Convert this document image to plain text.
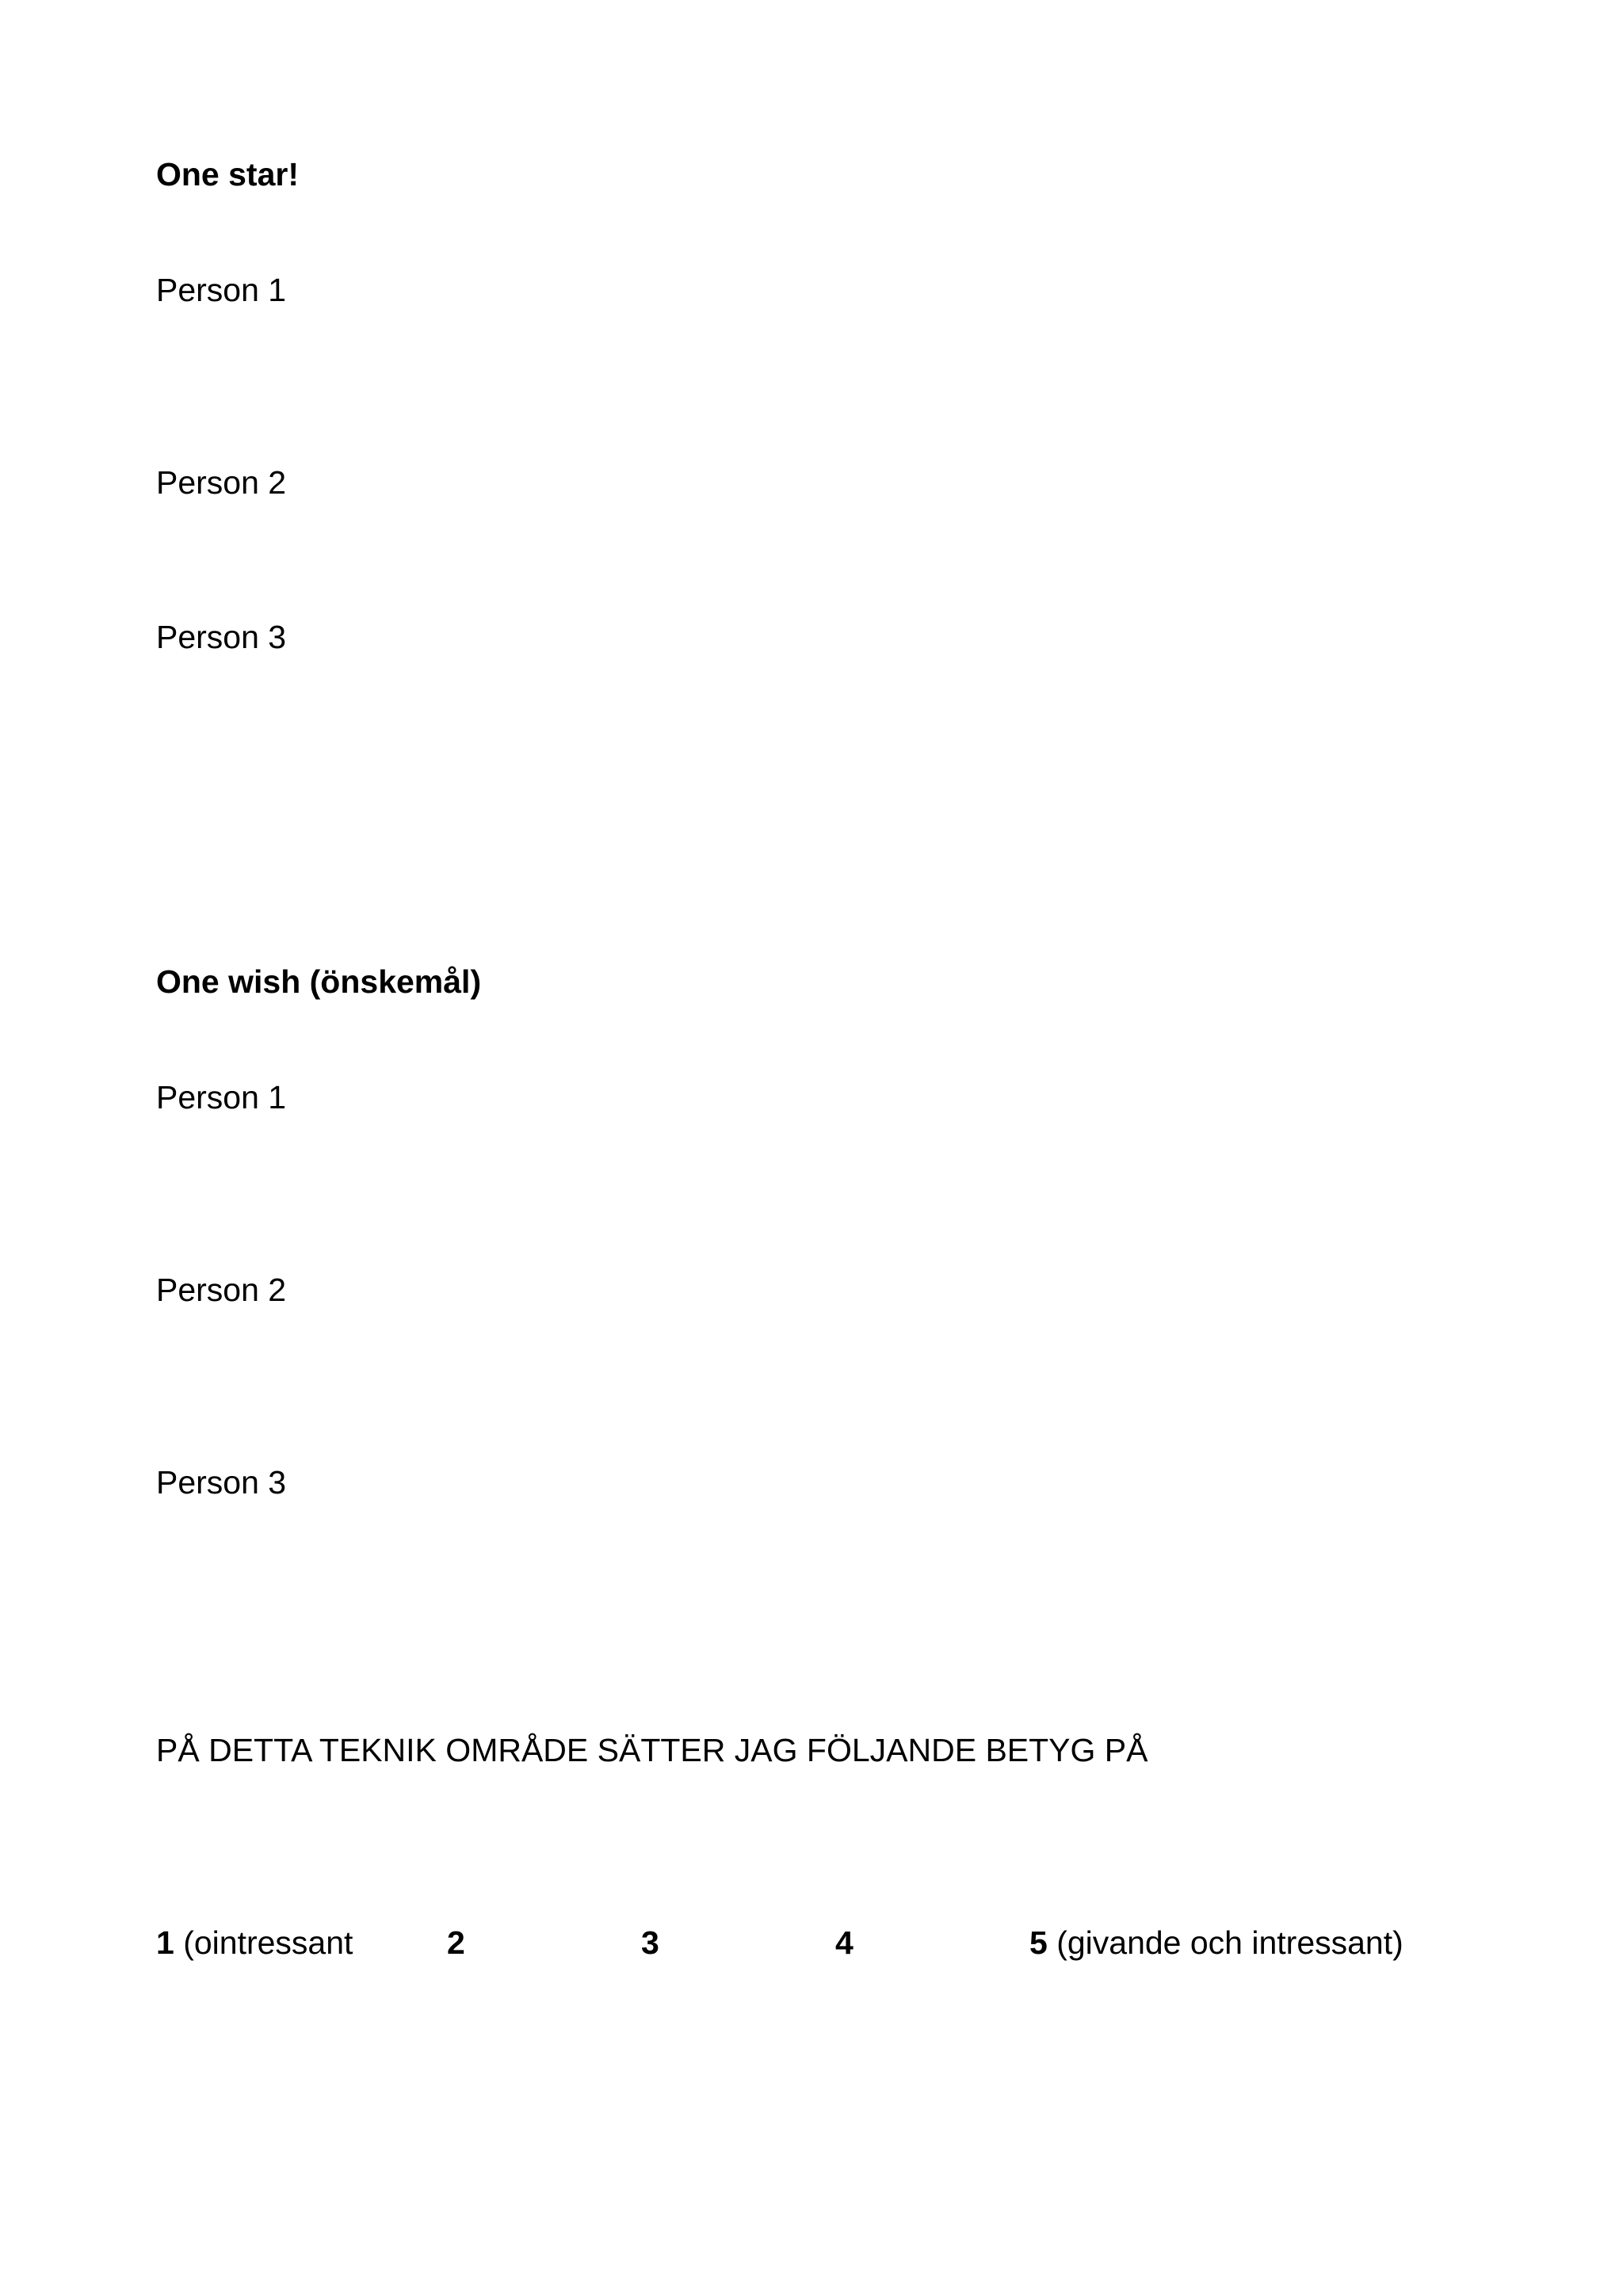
One star!
Person 1
Person 2
Person 3
One wish (önskemål)
Person 1
Person 2
Person 3
PÅ DETTA TEKNIK OMRÅDE SÄTTER JAG FÖLJANDE BETYG PÅ
1 (ointressant	2	3	4	5 (givande och intressant)
